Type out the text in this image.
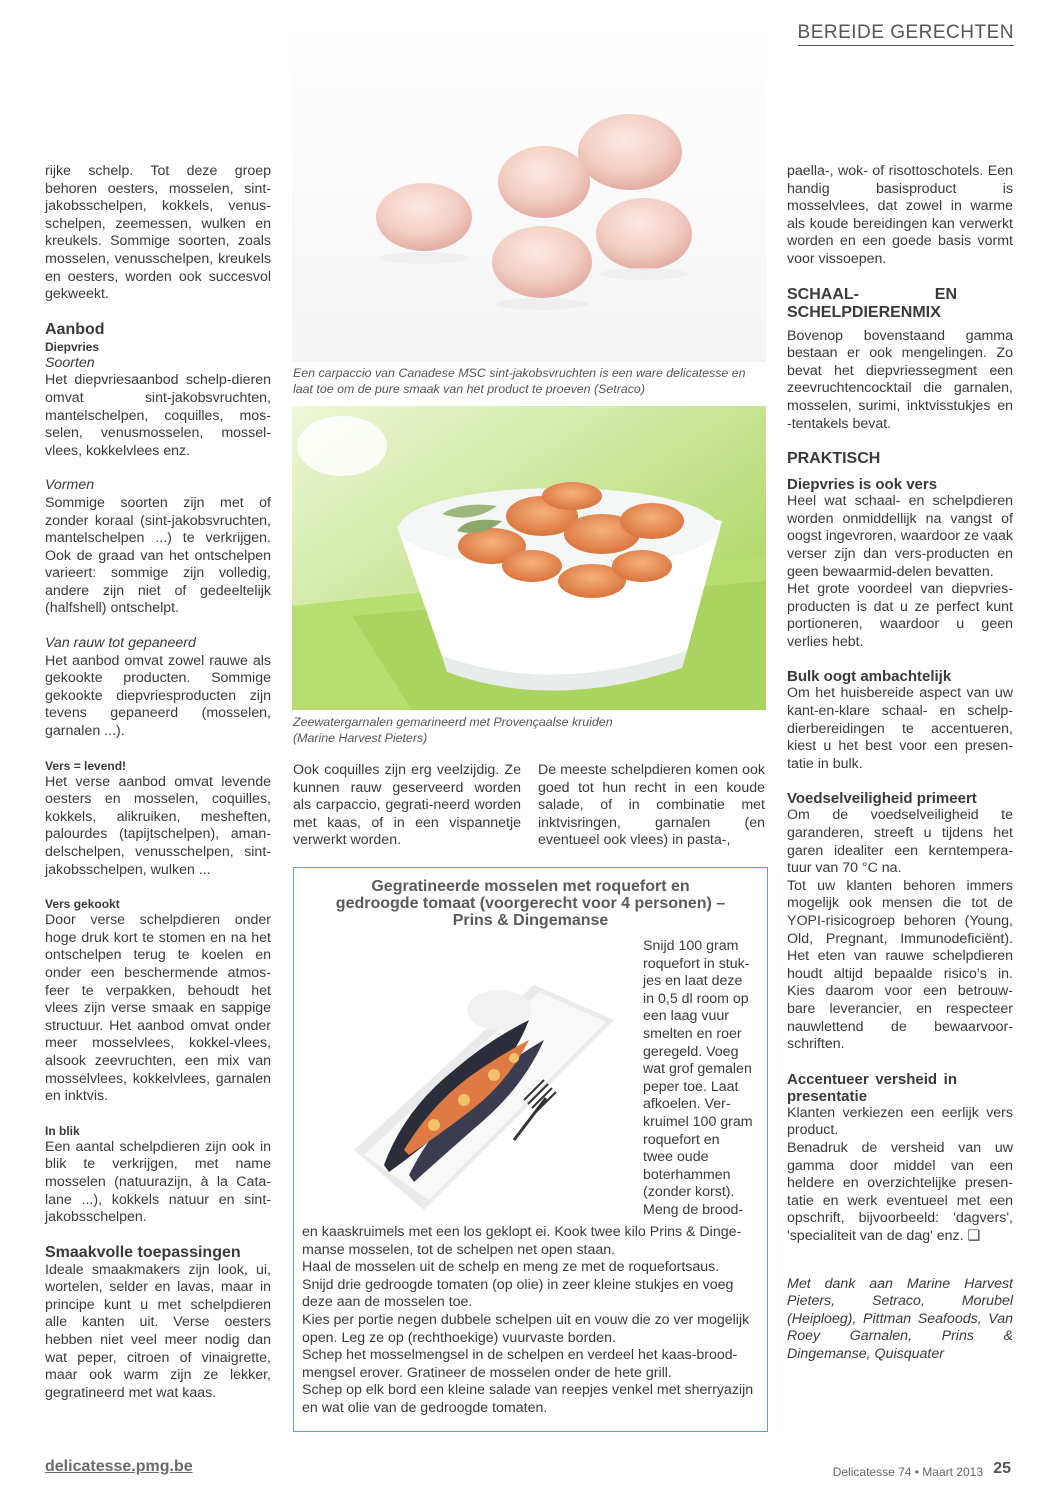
BEREIDE GERECHTEN
Een carpaccio van Canadese MSC sint-jakobsvruchten is een ware delicatesse en laat toe om de pure smaak van het product te proeven (Setraco)
Zeewatergarnalen gemarineerd met Provençaalse kruiden (Marine Harvest Pieters)

Ook coquilles zijn erg veelzijdig. Ze kunnen rauw geserveerd worden als carpaccio, gegrati-neerd worden met kaas, of in een vispannetje verwerkt worden.

De meeste schelpdieren komen ook goed tot hun recht in een koude salade, of in combinatie met inktvisringen, garnalen (en eventueel ook vlees) in pasta-,

Gegratineerde mosselen met roquefort en gedroogde tomaat (voorgerecht voor 4 personen) – Prins & Dingemanse

Snijd 100 gram roquefort in stuk-jes en laat deze in 0,5 dl room op een laag vuur smelten en roer geregeld. Voeg wat grof gemalen peper toe. Laat afkoelen. Ver-kruimel 100 gram roquefort en twee oude boterhammen (zonder korst). Meng de brood-

en kaaskruimels met een los geklopt ei. Kook twee kilo Prins & Dinge-manse mosselen, tot de schelpen net open staan.
Haal de mosselen uit de schelp en meng ze met de roquefortsaus.
Snijd drie gedroogde tomaten (op olie) in zeer kleine stukjes en voeg deze aan de mosselen toe.
Kies per portie negen dubbele schelpen uit en vouw die zo ver mogelijk open. Leg ze op (rechthoekige) vuurvaste borden.
Schep het mosselmengsel in de schelpen en verdeel het kaas-brood-mengsel erover. Gratineer de mosselen onder de hete grill.
Schep op elk bord een kleine salade van reepjes venkel met sherryazijn en wat olie van de gedroogde tomaten.

rijke schelp. Tot deze groep behoren oesters, mosselen, sint-jakobsschelpen, kokkels, venus-schelpen, zeemessen, wulken en kreukels. Sommige soorten, zoals mosselen, venusschelpen, kreukels en oesters, worden ook succesvol gekweekt.

Aanbod
Diepvries
Soorten

Het diepvriesaanbod schelp-dieren omvat sint-jakobsvruchten, mantelschelpen, coquilles, mos-selen, venusmosselen, mossel-vlees, kokkelvlees enz.

Vormen

Sommige soorten zijn met of zonder koraal (sint-jakobsvruchten, mantelschelpen ...) te verkrijgen. Ook de graad van het ontschelpen varieert: sommige zijn volledig, andere zijn niet of gedeeltelijk (halfshell) ontschelpt.

Van rauw tot gepaneerd

Het aanbod omvat zowel rauwe als gekookte producten. Sommige gekookte diepvriesproducten zijn tevens gepaneerd (mosselen, garnalen ...).

Vers = levend!

Het verse aanbod omvat levende oesters en mosselen, coquilles, kokkels, alikruiken, mesheften, palourdes (tapijtschelpen), aman-delschelpen, venusschelpen, sint-jakobsschelpen, wulken ...

Vers gekookt

Door verse schelpdieren onder hoge druk kort te stomen en na het ontschelpen terug te koelen en onder een beschermende atmos-feer te verpakken, behoudt het vlees zijn verse smaak en sappige structuur. Het aanbod omvat onder meer mosselvlees, kokkel-vlees, alsook zeevruchten, een mix van mosselvlees, kokkelvlees, garnalen en inktvis.

In blik

Een aantal schelpdieren zijn ook in blik te verkrijgen, met name mosselen (natuurazijn, à la Cata-lane ...), kokkels natuur en sint-jakobsschelpen.

Smaakvolle toepassingen

Ideale smaakmakers zijn look, ui, wortelen, selder en lavas, maar in principe kunt u met schelpdieren alle kanten uit. Verse oesters hebben niet veel meer nodig dan wat peper, citroen of vinaigrette, maar ook warm zijn ze lekker, gegratineerd met wat kaas.

paella-, wok- of risottoschotels. Een handig basisproduct is mosselvlees, dat zowel in warme als koude bereidingen kan verwerkt worden en een goede basis vormt voor vissoepen.

SCHAAL- EN SCHELPDIERENMIX

Bovenop bovenstaand gamma bestaan er ook mengelingen. Zo bevat het diepvriessegment een zeevruchtencocktail die garnalen, mosselen, surimi, inktvisstukjes en -tentakels bevat.

PRAKTISCH
Diepvries is ook vers

Heel wat schaal- en schelpdieren worden onmiddellijk na vangst of oogst ingevroren, waardoor ze vaak verser zijn dan vers-producten en geen bewaarmid-delen bevatten.
Het grote voordeel van diepvries-producten is dat u ze perfect kunt portioneren, waardoor u geen verlies hebt.

Bulk oogt ambachtelijk

Om het huisbereide aspect van uw kant-en-klare schaal- en schelp-dierbereidingen te accentueren, kiest u het best voor een presen-tatie in bulk.

Voedselveiligheid primeert

Om de voedselveiligheid te garanderen, streeft u tijdens het garen idealiter een kerntempera-tuur van 70 °C na.
Tot uw klanten behoren immers mogelijk ook mensen die tot de YOPI-risicogroep behoren (Young, Old, Pregnant, Immunodeficiënt). Het eten van rauwe schelpdieren houdt altijd bepaalde risico’s in. Kies daarom voor een betrouw-bare leverancier, en respecteer nauwlettend de bewaarvoor-schriften.

Accentueer versheid in presentatie

Klanten verkiezen een eerlijk vers product.
Benadruk de versheid van uw gamma door middel van een heldere en overzichtelijke presen-tatie en werk eventueel met een opschrift, bijvoorbeeld: 'dagvers', 'specialiteit van de dag' enz. ❑

Met dank aan Marine Harvest Pieters, Setraco, Morubel (Heiploeg), Pittman Seafoods, Van Roey Garnalen, Prins & Dingemanse, Quisquater

delicatesse.pmg.be	Delicatesse 74 • Maart 2013 25
